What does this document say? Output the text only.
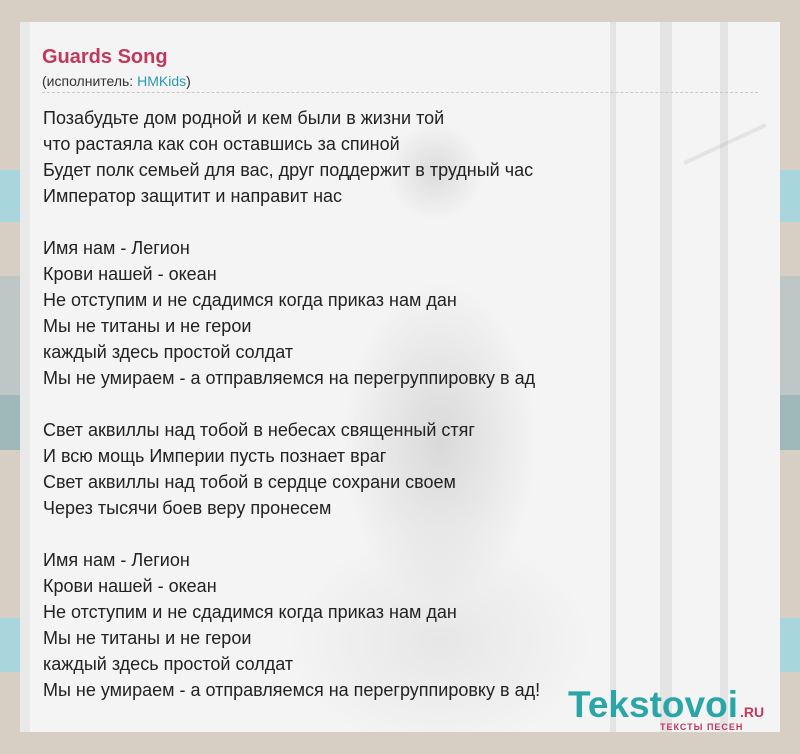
Guards Song
(исполнитель: HMKids)
Позабудьте дом родной и кем были в жизни той
что растаяла как сон оставшись за спиной
Будет полк семьей для вас, друг поддержит в трудный час
Император защитит и направит нас
Имя нам - Легион
Крови нашей - океан
Не отступим и не сдадимся когда приказ нам дан
Мы не титаны и не герои
каждый здесь простой солдат
Мы не умираем - а отправляемся на перегруппировку в ад
Свет аквиллы над тобой в небесах священный стяг
И всю мощь Империи пусть познает враг
Свет аквиллы над тобой в сердце сохрани своем
Через тысячи боев веру пронесем
Имя нам - Легион
Крови нашей - океан
Не отступим и не сдадимся когда приказ нам дан
Мы не титаны и не герои
каждый здесь простой солдат
Мы не умираем - а отправляемся на перегруппировку в ад! Tekstovoi .RU
ТЕКСТЫ ПЕСЕН
